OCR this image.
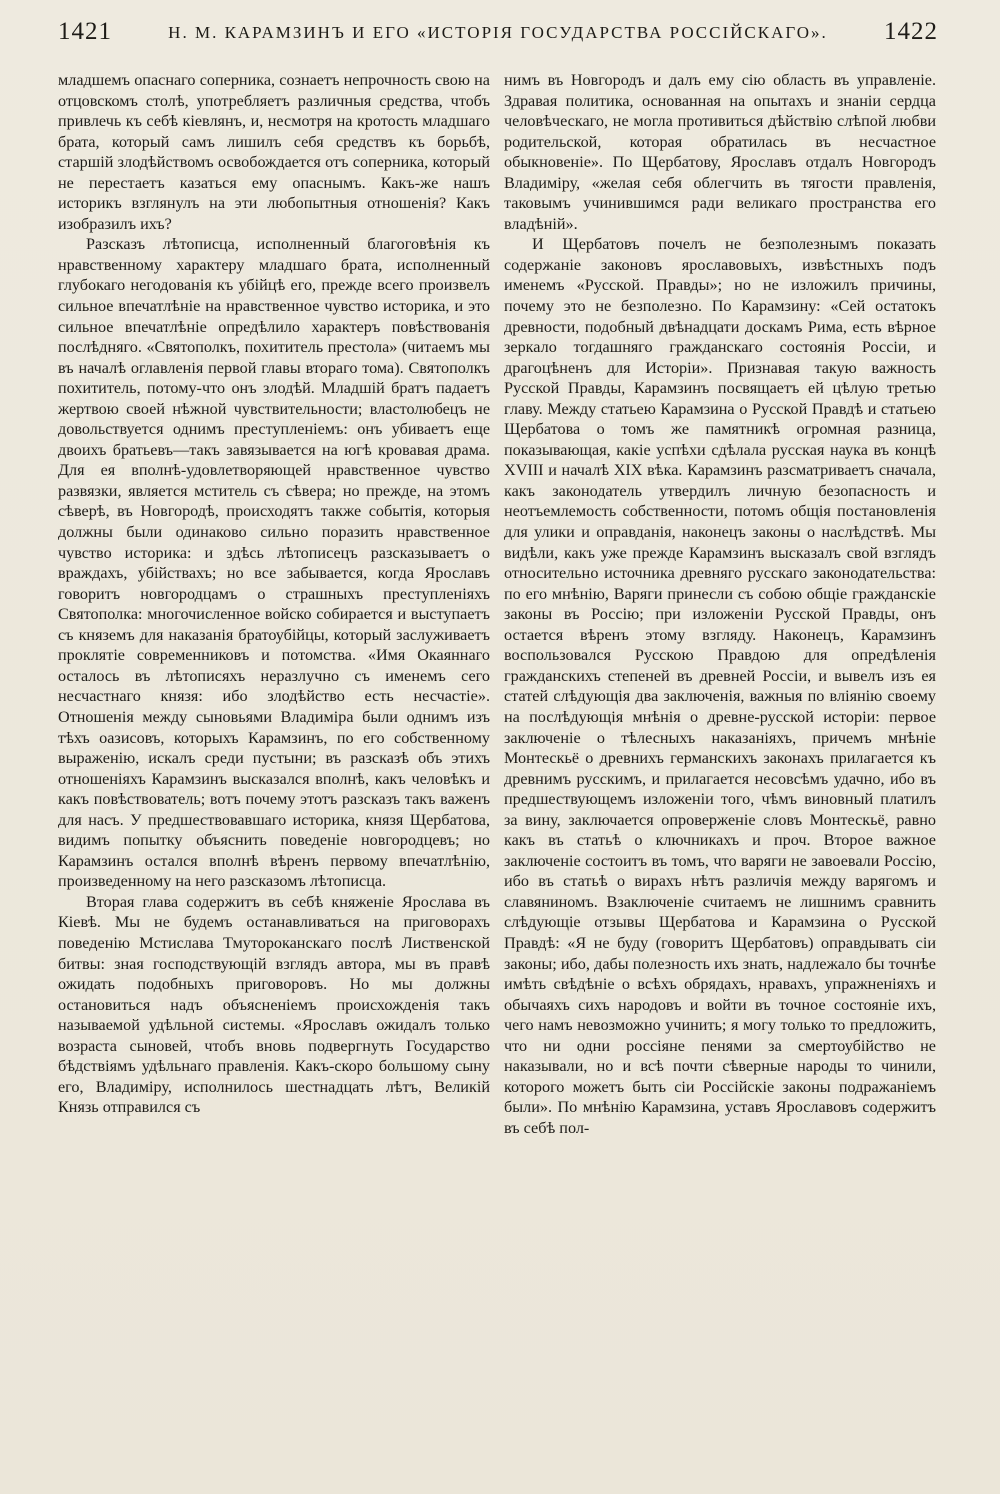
1421	Н. М. КАРАМЗИНЪ И ЕГО «ИСТОРІЯ ГОСУДАРСТВА РОССІЙСКАГО».	1422

младшемъ опаснаго соперника, сознаетъ непрочность свою на отцовскомъ столѣ, употребляетъ различныя средства, чтобъ привлечь къ себѣ кіевлянъ, и, несмотря на кротость младшаго брата, который самъ лишилъ себя средствъ къ борьбѣ, старшій злодѣйствомъ освобождается отъ соперника, который не перестаетъ казаться ему опаснымъ. Какъ-же нашъ историкъ взглянулъ на эти любопытныя отношенія? Какъ изобразилъ ихъ?

Разсказъ лѣтописца, исполненный благоговѣнія къ нравственному характеру младшаго брата, исполненный глубокаго негодованія къ убійцѣ его, прежде всего произвелъ сильное впечатлѣніе на нравственное чувство историка, и это сильное впечатлѣніе опредѣлило характеръ повѣствованія послѣдняго. «Святополкъ, похититель престола» (читаемъ мы въ началѣ оглавленія первой главы втораго тома). Святополкъ похититель, потому-что онъ злодѣй. Младшій братъ падаетъ жертвою своей нѣжной чувствительности; властолюбецъ не довольствуется однимъ преступленіемъ: онъ убиваетъ еще двоихъ братьевъ—такъ завязывается на югѣ кровавая драма. Для ея вполнѣ-удовлетворяющей нравственное чувство развязки, является мститель съ сѣвера; но прежде, на этомъ сѣверѣ, въ Новгородѣ, происходятъ также событія, которыя должны были одинаково сильно поразить нравственное чувство историка: и здѣсь лѣтописецъ разсказываетъ о враждахъ, убійствахъ; но все забывается, когда Ярославъ говоритъ новгородцамъ о страшныхъ преступленіяхъ Святополка: многочисленное войско собирается и выступаетъ съ княземъ для наказанія братоубійцы, который заслуживаетъ проклятіе современниковъ и потомства. «Имя Окаяннаго осталось въ лѣтописяхъ неразлучно съ именемъ сего несчастнаго князя: ибо злодѣйство есть несчастіе». Отношенія между сыновьями Владиміра были однимъ изъ тѣхъ оазисовъ, которыхъ Карамзинъ, по его собственному выраженію, искалъ среди пустыни; въ разсказѣ объ этихъ отношеніяхъ Карамзинъ высказался вполнѣ, какъ человѣкъ и какъ повѣствователь; вотъ почему этотъ разсказъ такъ важенъ для насъ. У предшествовавшаго историка, князя Щербатова, видимъ попытку объяснить поведеніе новгородцевъ; но Карамзинъ остался вполнѣ вѣренъ первому впечатлѣнію, произведенному на него разсказомъ лѣтописца.

Вторая глава содержитъ въ себѣ княженіе Ярослава въ Кіевѣ. Мы не будемъ останавливаться на приговорахъ поведенію Мстислава Тмутороканскаго послѣ Лиственской битвы: зная господствующій взглядъ автора, мы въ правѣ ожидать подобныхъ приговоровъ. Но мы должны остановиться надъ объясненіемъ происхожденія такъ называемой удѣльной системы. «Ярославъ ожидалъ только возраста сыновей, чтобъ вновь подвергнуть Государство бѣдствіямъ удѣльнаго правленія. Какъ-скоро большому сыну его, Владиміру, исполнилось шестнадцать лѣтъ, Великій Князь отправился съ

нимъ въ Новгородъ и далъ ему сію область въ управленіе. Здравая политика, основанная на опытахъ и знаніи сердца человѣческаго, не могла противиться дѣйствію слѣпой любви родительской, которая обратилась въ несчастное обыкновеніе». По Щербатову, Ярославъ отдалъ Новгородъ Владиміру, «желая себя облегчить въ тягости правленія, таковымъ учинившимся ради великаго пространства его владѣній».

И Щербатовъ почелъ не безполезнымъ показать содержаніе законовъ ярославовыхъ, извѣстныхъ подъ именемъ «Русской. Правды»; но не изложилъ причины, почему это не безполезно. По Карамзину: «Сей остатокъ древности, подобный двѣнадцати доскамъ Рима, есть вѣрное зеркало тогдашняго гражданскаго состоянія Россіи, и драгоцѣненъ для Исторіи». Признавая такую важность Русской Правды, Карамзинъ посвящаетъ ей цѣлую третью главу. Между статьею Карамзина о Русской Правдѣ и статьею Щербатова о томъ же памятникѣ огромная разница, показывающая, какіе успѣхи сдѣлала русская наука въ концѣ XVIII и началѣ XIX вѣка. Карамзинъ разсматриваетъ сначала, какъ законодатель утвердилъ личную безопасность и неотъемлемость собственности, потомъ общія постановленія для улики и оправданія, наконецъ законы о наслѣдствѣ. Мы видѣли, какъ уже прежде Карамзинъ высказалъ свой взглядъ относительно источника древняго русскаго законодательства: по его мнѣнію, Варяги принесли съ собою общіе гражданскіе законы въ Россію; при изложеніи Русской Правды, онъ остается вѣренъ этому взгляду. Наконецъ, Карамзинъ воспользовался Русскою Правдою для опредѣленія гражданскихъ степеней въ древней Россіи, и вывелъ изъ ея статей слѣдующія два заключенія, важныя по вліянію своему на послѣдующія мнѣнія о древне-русской исторіи: первое заключеніе о тѣлесныхъ наказаніяхъ, причемъ мнѣніе Монтескьё о древнихъ германскихъ законахъ прилагается къ древнимъ русскимъ, и прилагается несовсѣмъ удачно, ибо въ предшествующемъ изложеніи того, чѣмъ виновный платилъ за вину, заключается опроверженіе словъ Монтескьё, равно какъ въ статьѣ о ключникахъ и проч. Второе важное заключеніе состоитъ въ томъ, что варяги не завоевали Россію, ибо въ статьѣ о вирахъ нѣтъ различія между варягомъ и славяниномъ. Взаключеніе считаемъ не лишнимъ сравнить слѣдующіе отзывы Щербатова и Карамзина о Русской Правдѣ: «Я не буду (говоритъ Щербатовъ) оправдывать сіи законы; ибо, дабы полезность ихъ знать, надлежало бы точнѣе имѣть свѣдѣніе о всѣхъ обрядахъ, нравахъ, упражненіяхъ и обычаяхъ сихъ народовъ и войти въ точное состояніе ихъ, чего намъ невозможно учинить; я могу только то предложить, что ни одни россіяне пенями за смертоубійство не наказывали, но и всѣ почти сѣверные народы то чинили, которого можетъ быть сіи Россійскіе законы подражаніемъ были». По мнѣнію Карамзина, уставъ Ярославовъ содержитъ въ себѣ пол-
